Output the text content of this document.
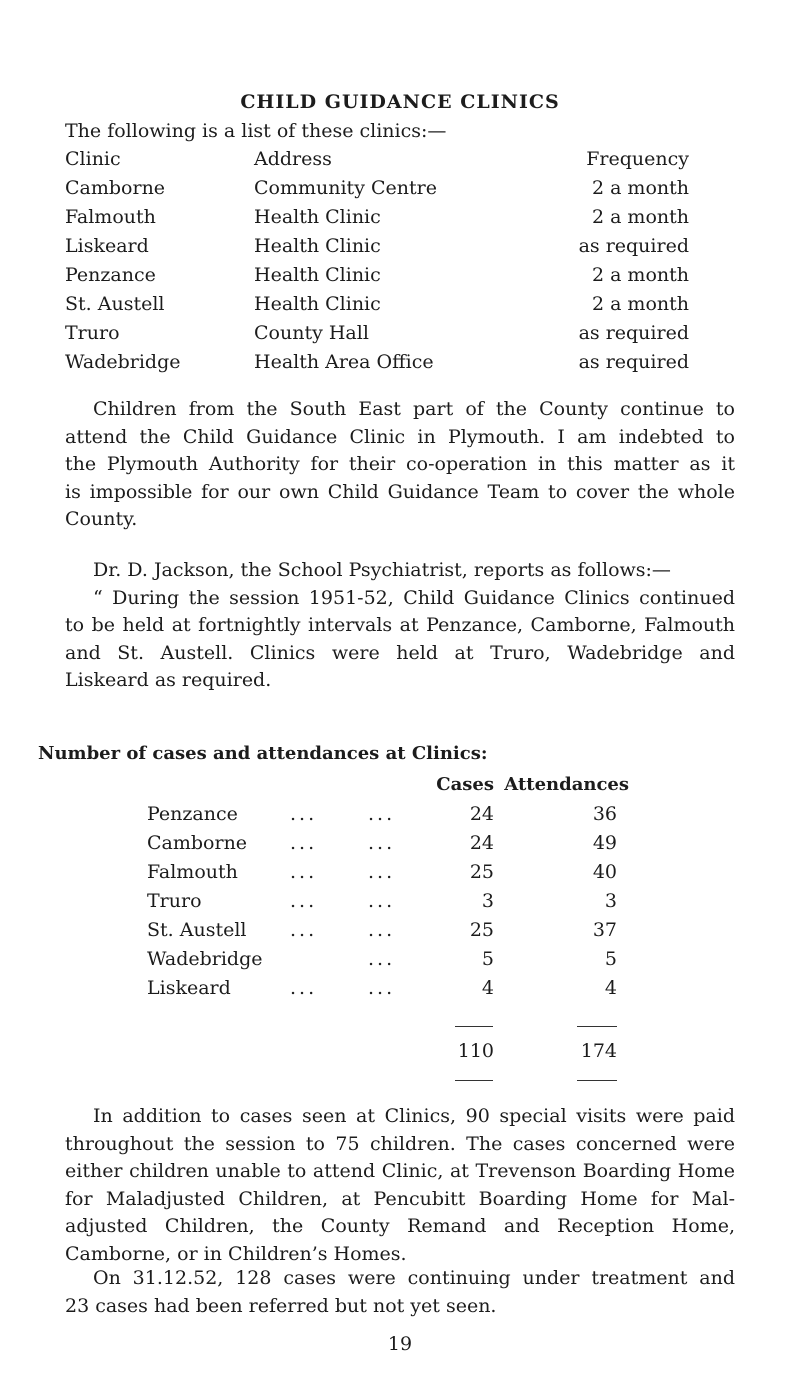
CHILD GUIDANCE CLINICS
The following is a list of these clinics:—
Clinic	Address	Frequency
Camborne	Community Centre	2 a month
Falmouth	Health Clinic	2 a month
Liskeard	Health Clinic	as required
Penzance	Health Clinic	2 a month
St. Austell	Health Clinic	2 a month
Truro	County Hall	as required
Wadebridge	Health Area Office	as required
Children from the South East part of the County continue to
attend the Child Guidance Clinic in Plymouth. I am indebted to
the Plymouth Authority for their co-operation in this matter as it
is impossible for our own Child Guidance Team to cover the whole
County.
Dr. D. Jackson, the School Psychiatrist, reports as follows:—
“ During the session 1951-52, Child Guidance Clinics continued
to be held at fortnightly intervals at Penzance, Camborne, Falmouth
and St. Austell. Clinics were held at Truro, Wadebridge and
Liskeard as required.
Number of cases and attendances at Clinics:
Cases Attendances
Penzance	...	...	24	36
Camborne ...	...	24	49
Falmouth	...	...	25	40
Truro	...	...	3	3
St. Austell ...	...	25	37
Wadebridge	...	5	5
Liskeard	...	...	4	4
110	174
In addition to cases seen at Clinics, 90 special visits were paid
throughout the session to 75 children. The cases concerned were
either children unable to attend Clinic, at Trevenson Boarding Home
for Maladjusted Children, at Pencubitt Boarding Home for Mal-
adjusted Children, the County Remand and Reception Home,
Camborne, or in Children’s Homes.
On 31.12.52, 128 cases were continuing under treatment and
23 cases had been referred but not yet seen.
19
